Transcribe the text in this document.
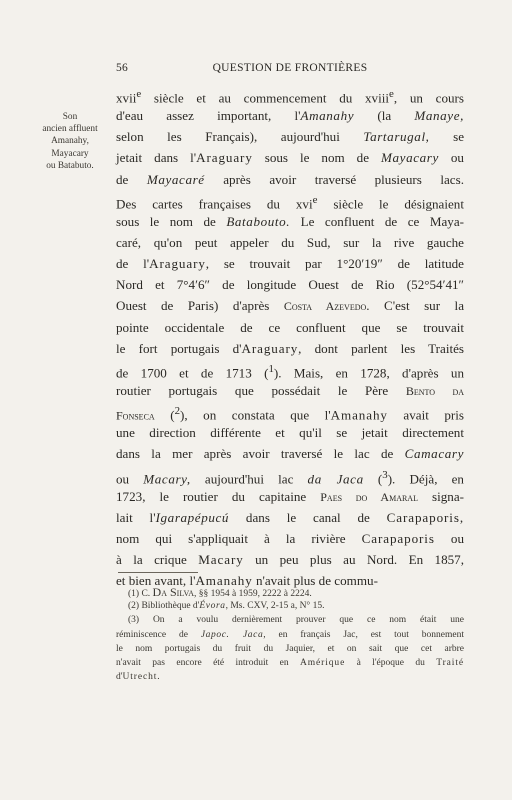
56	QUESTION DE FRONTIÈRES
Son
ancien affluent
Amanahy,
Mayacary
ou Batabuto.
xvii$^e$ siècle et au commencement du xviii$^e$, un cours
d'eau assez important, l'Amanahy (la Manaye,
selon les Français), aujourd'hui Tartarugal, se
jetait dans l'Araguary sous le nom de Mayacary ou
de Mayacaré après avoir traversé plusieurs lacs.
Des cartes françaises du xvi$^e$ siècle le désignaient
sous le nom de Bataboutо. Le confluent de ce Maya-
caré, qu'on peut appeler du Sud, sur la rive gauche
de l'Araguary, se trouvait par 1°20′19″ de latitude
Nord et 7°4′6″ de longitude Ouest de Rio (52°54′41″
Ouest de Paris) d'après Costa Azevedo. C'est sur la
pointe occidentale de ce confluent que se trouvait
le fort portugais d'Araguary, dont parlent les Traités
de 1700 et de 1713 ($^1$). Mais, en 1728, d'après un
routier portugais que possédait le Père Bento da
Fonseca ($^2$), on constata que l'Amanahy avait pris
une direction différente et qu'il se jetait directement
dans la mer après avoir traversé le lac de Camacary
ou Macary, aujourd'hui lac da Jaca ($^3$). Déjà, en
1723, le routier du capitaine Paes do Amaral signa-
lait l'Igarapépucú dans le canal de Carapaporis,
nom qui s'appliquait à la rivière Carapaporis ou
à la crique Macary un peu plus au Nord. En 1857,
et bien avant, l'Amanahy n'avait plus de commu-
(1) C. Da Silva, §§ 1954 à 1959, 2222 à 2224.
(2) Bibliothèque d'Évora, Ms. CXV, 2-15 a, N° 15.
(3) On a voulu dernièrement prouver que ce nom était une
réminiscence de Japoc. Jaca, en français Jac, est tout bonnement
le nom portugais du fruit du Jaquier, et on sait que cet arbre
n'avait pas encore été introduit en Amérique à l'époque du Traité
d'Utrecht.
